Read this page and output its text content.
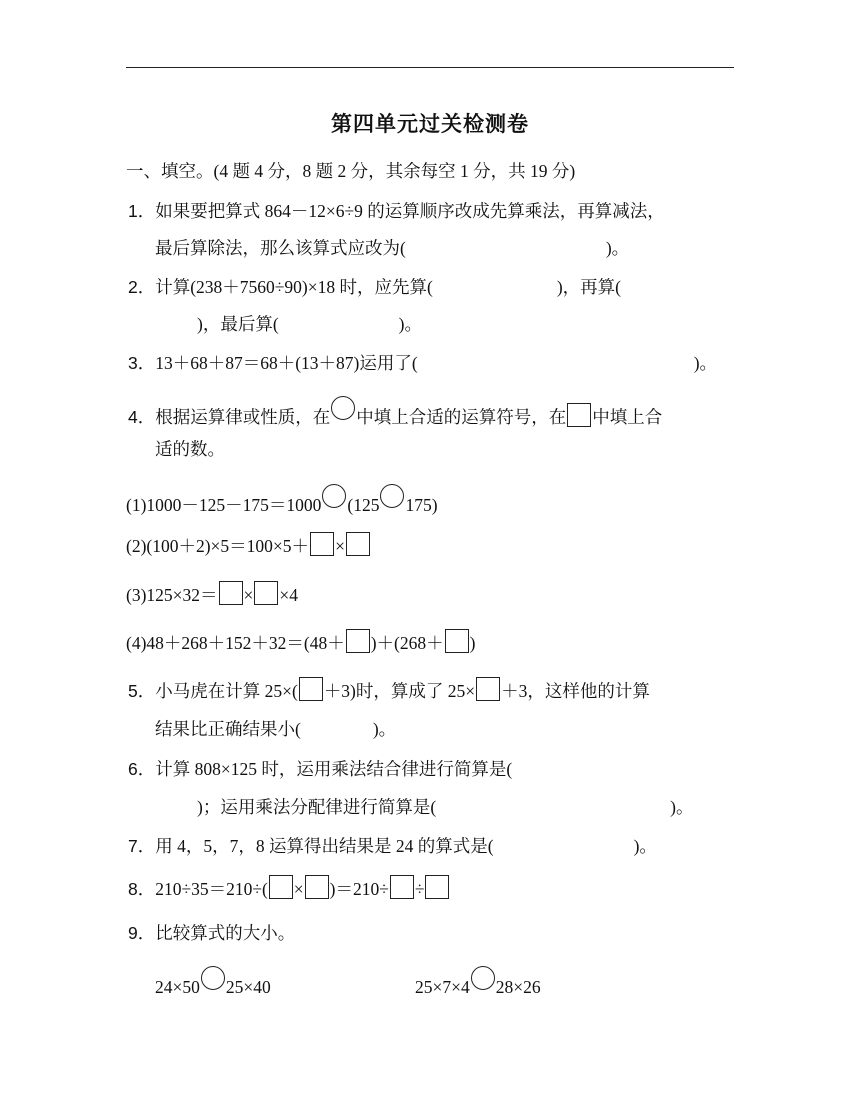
第四单元过关检测卷
一、填空。(4 题 4 分，8 题 2 分，其余每空 1 分，共 19 分)
1．如果要把算式 864－12×6÷9 的运算顺序改成先算乘法，再算减法，
最后算除法，那么该算式应改为(	)。
2．计算(238＋7560÷90)×18 时，应先算(	)，再算(
)，最后算(	)。
3．13＋68＋87＝68＋(13＋87)运用了(	)。
4．根据运算律或性质，在 中填上合适的运算符号，在 中填上合
适的数。
(1)1000－125－175＝1000 (125 175)
(2)(100＋2)×5＝100×5＋ ×
(3)125×32＝ × ×4
(4)48＋268＋152＋32＝(48＋ )＋(268＋ )
5．小马虎在计算 25×( ＋3)时，算成了 25× ＋3，这样他的计算
结果比正确结果小(	)。
6．计算 808×125 时，运用乘法结合律进行简算是(
)；运用乘法分配律进行简算是(	)。
7．用 4，5，7，8 运算得出结果是 24 的算式是(	)。
8．210÷35＝210÷( × )＝210÷ ÷
9．比较算式的大小。
24×50 25×40	25×7×4 28×26
